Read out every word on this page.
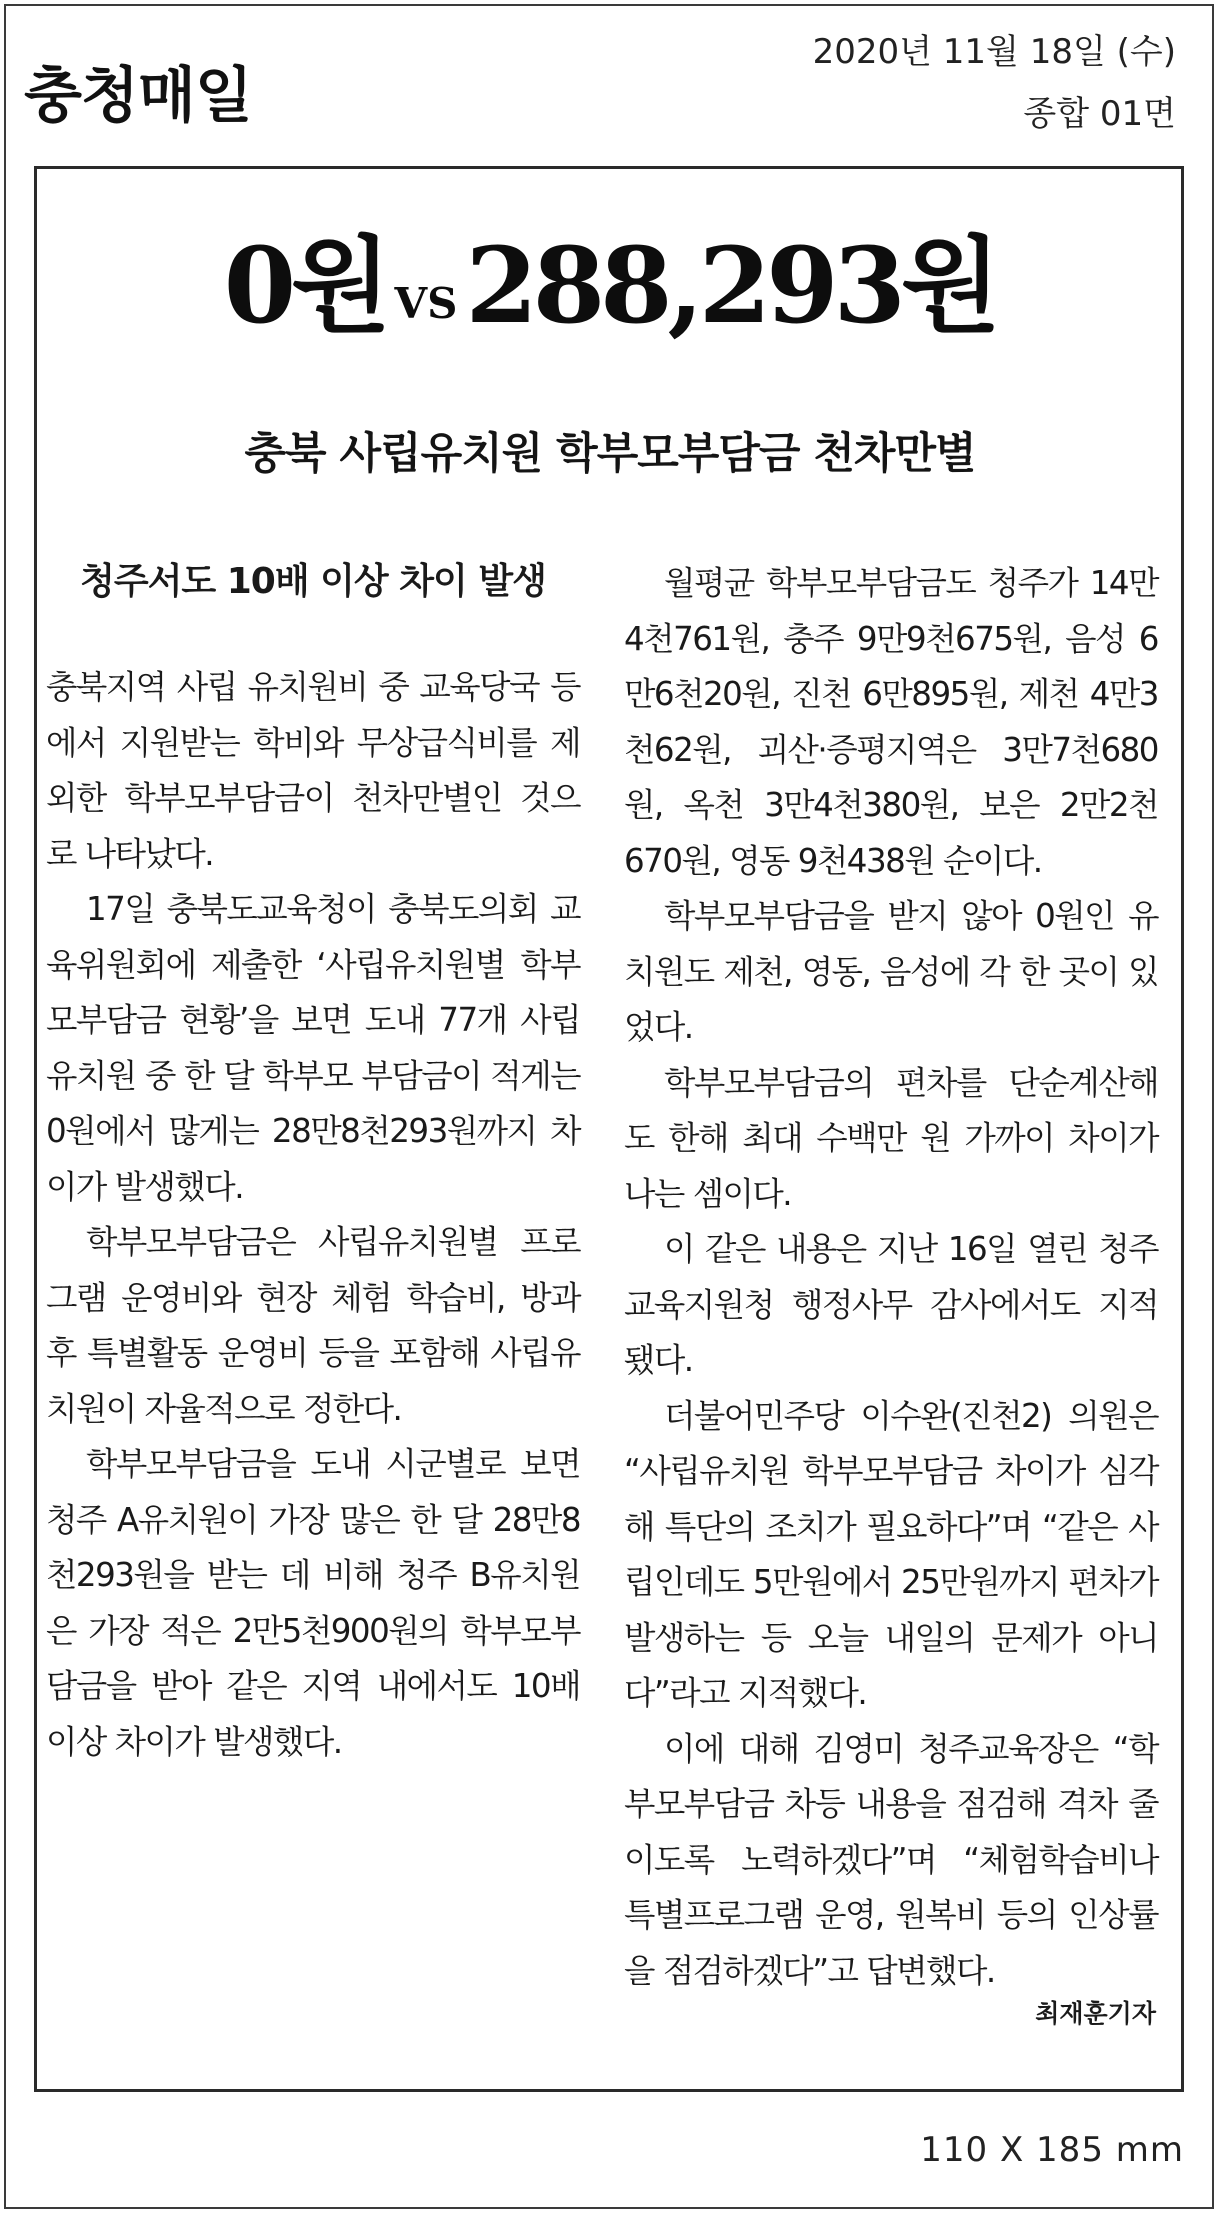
충청매일
2020년 11월 18일 (수)
종합 01면
0원 VS288,293원
충북 사립유치원 학부모부담금 천차만별
청주서도 10배 이상 차이 발생

충북지역 사립 유치원비 중 교육당국 등에서 지원받는 학비와 무상급식비를 제외한 학부모부담금이 천차만별인 것으로 나타났다.

17일 충북도교육청이 충북도의회 교육위원회에 제출한 ‘사립유치원별 학부모부담금 현황’을 보면 도내 77개 사립유치원 중 한 달 학부모 부담금이 적게는 0원에서 많게는 28만8천293원까지 차이가 발생했다.

학부모부담금은 사립유치원별 프로그램 운영비와 현장 체험 학습비, 방과 후 특별활동 운영비 등을 포함해 사립유치원이 자율적으로 정한다.

학부모부담금을 도내 시군별로 보면 청주 A유치원이 가장 많은 한 달 28만8천293원을 받는 데 비해 청주 B유치원은 가장 적은 2만5천900원의 학부모부담금을 받아 같은 지역 내에서도 10배 이상 차이가 발생했다.

월평균 학부모부담금도 청주가 14만4천761원, 충주 9만9천675원, 음성 6만6천20원, 진천 6만895원, 제천 4만3천62원, 괴산·증평지역은 3만7천680원, 옥천 3만4천380원, 보은 2만2천670원, 영동 9천438원 순이다.

학부모부담금을 받지 않아 0원인 유치원도 제천, 영동, 음성에 각 한 곳이 있었다.

학부모부담금의 편차를 단순계산해도 한해 최대 수백만 원 가까이 차이가 나는 셈이다.

이 같은 내용은 지난 16일 열린 청주교육지원청 행정사무 감사에서도 지적됐다.

더불어민주당 이수완(진천2) 의원은 “사립유치원 학부모부담금 차이가 심각해 특단의 조치가 필요하다”며 “같은 사립인데도 5만원에서 25만원까지 편차가 발생하는 등 오늘 내일의 문제가 아니다”라고 지적했다.

이에 대해 김영미 청주교육장은 “학부모부담금 차등 내용을 점검해 격차 줄이도록 노력하겠다”며 “체험학습비나 특별프로그램 운영, 원복비 등의 인상률을 점검하겠다”고 답변했다.

최재훈기자
110 X 185 mm
